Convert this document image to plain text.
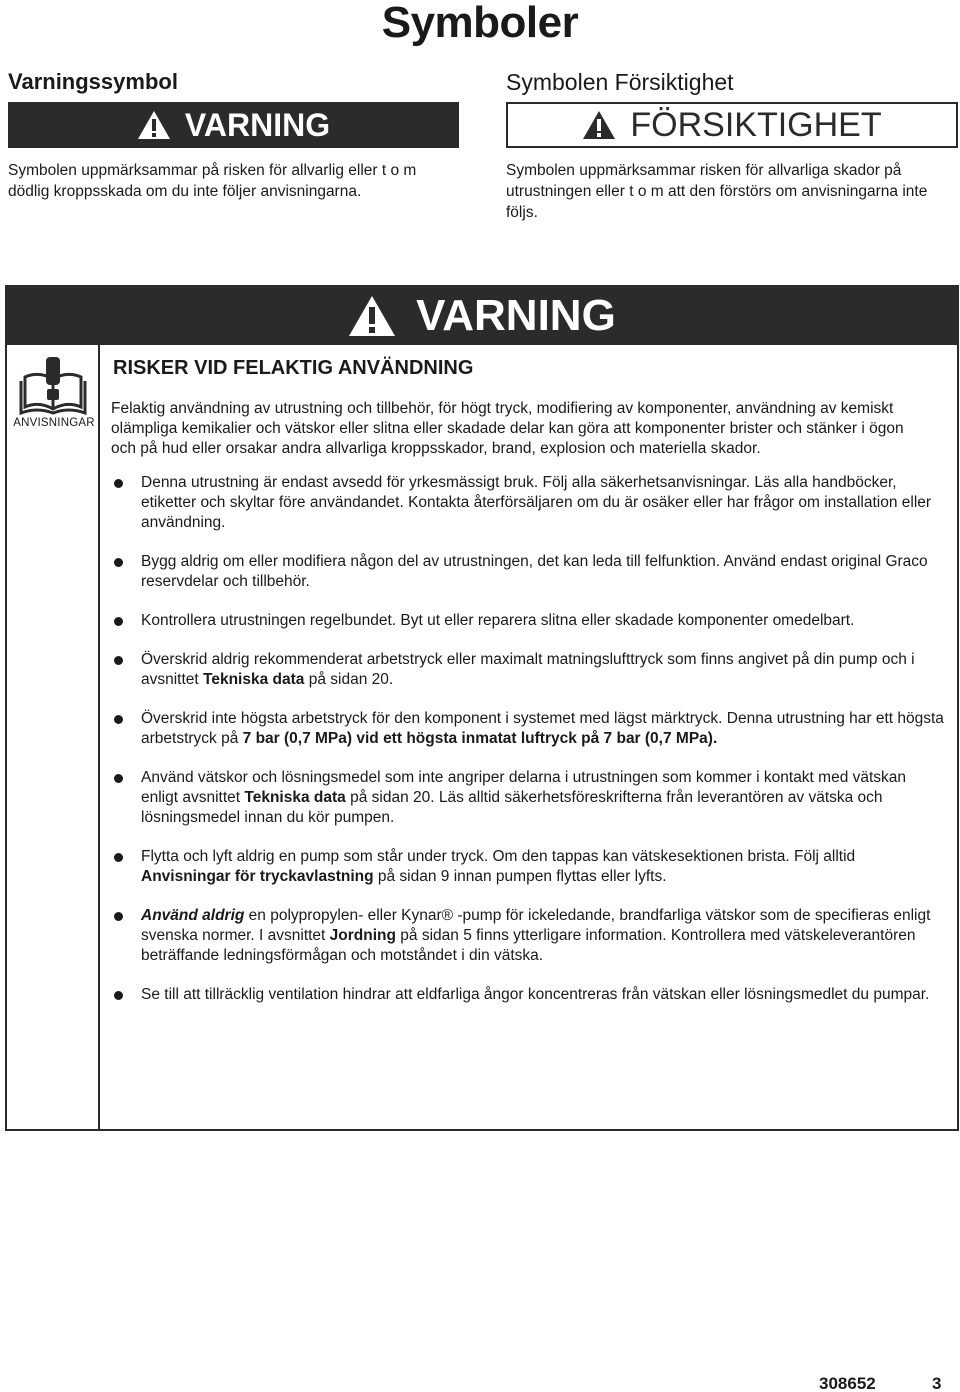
Symboler
Varningssymbol
VARNING
Symbolen uppmärksammar på risken för allvarlig eller t o m dödlig kroppsskada om du inte följer anvisningarna.
Symbolen Försiktighet
FÖRSIKTIGHET
Symbolen uppmärksammar risken för allvarliga skador på utrustningen eller t o m att den förstörs om anvisningarna inte följs.
VARNING
ANVISNINGAR
RISKER VID FELAKTIG ANVÄNDNING

Felaktig användning av utrustning och tillbehör, för högt tryck, modifiering av komponenter, användning av kemiskt olämpliga kemikalier och vätskor eller slitna eller skadade delar kan göra att komponenter brister och stänker i ögon och på hud eller orsakar andra allvarliga kroppsskador, brand, explosion och materiella skador.

Denna utrustning är endast avsedd för yrkesmässigt bruk. Följ alla säkerhetsanvisningar. Läs alla handböcker, etiketter och skyltar före användandet. Kontakta återförsäljaren om du är osäker eller har frågor om installation eller användning.
Bygg aldrig om eller modifiera någon del av utrustningen, det kan leda till felfunktion. Använd endast original Graco reservdelar och tillbehör.
Kontrollera utrustningen regelbundet. Byt ut eller reparera slitna eller skadade komponenter omedelbart.
Överskrid aldrig rekommenderat arbetstryck eller maximalt matningslufttryck som finns angivet på din pump och i avsnittet Tekniska data på sidan 20.
Överskrid inte högsta arbetstryck för den komponent i systemet med lägst märktryck. Denna utrustning har ett högsta arbetstryck på 7 bar (0,7 MPa) vid ett högsta inmatat luftryck på 7 bar (0,7 MPa).
Använd vätskor och lösningsmedel som inte angriper delarna i utrustningen som kommer i kontakt med vätskan enligt avsnittet Tekniska data på sidan 20. Läs alltid säkerhetsföreskrifterna från leverantören av vätska och lösningsmedel innan du kör pumpen.
Flytta och lyft aldrig en pump som står under tryck. Om den tappas kan vätskesektionen brista. Följ alltid Anvisningar för tryckavlastning på sidan 9 innan pumpen flyttas eller lyfts.
Använd aldrig en polypropylen- eller Kynar® -pump för ickeledande, brandfarliga vätskor som de specifieras enligt svenska normer. I avsnittet Jordning på sidan 5 finns ytterligare information. Kontrollera med vätskeleverantören beträffande ledningsförmågan och motståndet i din vätska.
Se till att tillräcklig ventilation hindrar att eldfarliga ångor koncentreras från vätskan eller lösningsmedlet du pumpar.
308652	3
